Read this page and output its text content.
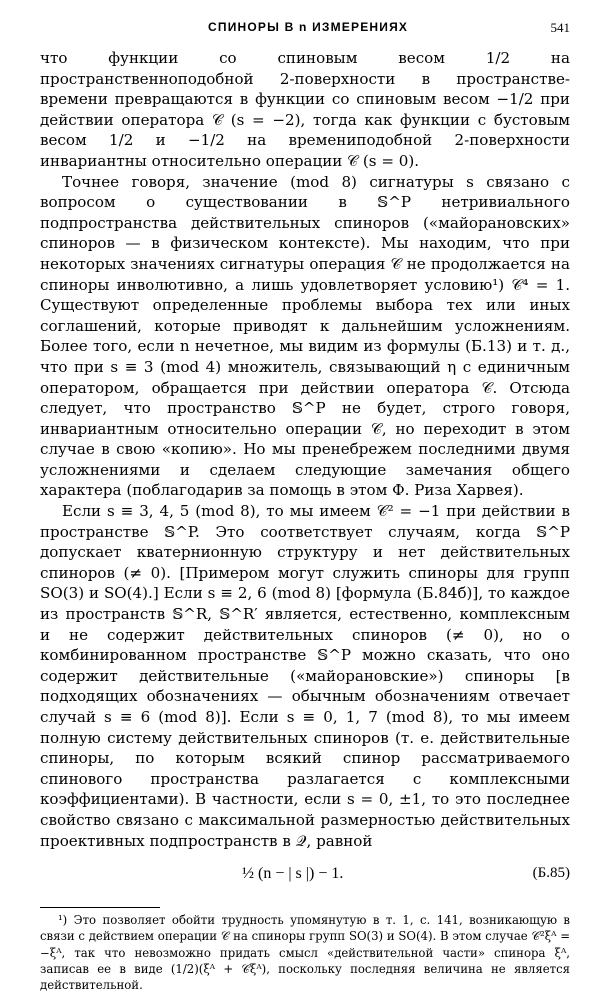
СПИНОРЫ В n ИЗМЕРЕНИЯХ	541

что функции со спиновым весом 1/2 на пространственноподобной 2-поверхности в пространстве-времени превращаются в функции со спиновым весом −1/2 при действии оператора 𝒞 (s = −2), тогда как функции с бустовым весом 1/2 и −1/2 на времениподобной 2-поверхности инвариантны относительно операции 𝒞 (s = 0).

Точнее говоря, значение (mod 8) сигнатуры s связано с вопросом о существовании в 𝕊^P нетривиального подпространства действительных спиноров («майорановских» спиноров — в физическом контексте). Мы находим, что при некоторых значениях сигнатуры операция 𝒞 не продолжается на спиноры инволютивно, а лишь удовлетворяет условию¹) 𝒞⁴ = 1. Существуют определенные проблемы выбора тех или иных соглашений, которые приводят к дальнейшим усложнениям. Более того, если n нечетное, мы видим из формулы (Б.13) и т. д., что при s ≡ 3 (mod 4) множитель, связывающий η с единичным оператором, обращается при действии оператора 𝒞. Отсюда следует, что пространство 𝕊^P не будет, строго говоря, инвариантным относительно операции 𝒞, но переходит в этом случае в свою «копию». Но мы пренебрежем последними двумя усложнениями и сделаем следующие замечания общего характера (поблагодарив за помощь в этом Ф. Риза Харвея).

Если s ≡ 3, 4, 5 (mod 8), то мы имеем 𝒞² = −1 при действии в пространстве 𝕊^P. Это соответствует случаям, когда 𝕊^P допускает кватернионную структуру и нет действительных спиноров (≠ 0). [Примером могут служить спиноры для групп SO(3) и SO(4).] Если s ≡ 2, 6 (mod 8) [формула (Б.84б)], то каждое из пространств 𝕊^R, 𝕊^R′ является, естественно, комплексным и не содержит действительных спиноров (≠ 0), но о комбинированном пространстве 𝕊^P можно сказать, что оно содержит действительные («майорановские») спиноры [в подходящих обозначениях — обычным обозначениям отвечает случай s ≡ 6 (mod 8)]. Если s ≡ 0, 1, 7 (mod 8), то мы имеем полную систему действительных спиноров (т. е. действительные спиноры, по которым всякий спинор рассматриваемого спинового пространства разлагается с комплексными коэффициентами). В частности, если s = 0, ±1, то это последнее свойство связано с максимальной размерностью действительных проективных подпространств в 𝒬, равной

½ (n − | s |) − 1.	(Б.85)

¹) Это позволяет обойти трудность упомянутую в т. 1, с. 141, возникающую в связи с действием операции 𝒞 на спиноры групп SO(3) и SO(4). В этом случае 𝒞²ξᴬ = −ξᴬ, так что невозможно придать смысл «действительной части» спинора ξᴬ, записав ее в виде (1/2)(ξᴬ + 𝒞ξᴬ), поскольку последняя величина не является действительной.
